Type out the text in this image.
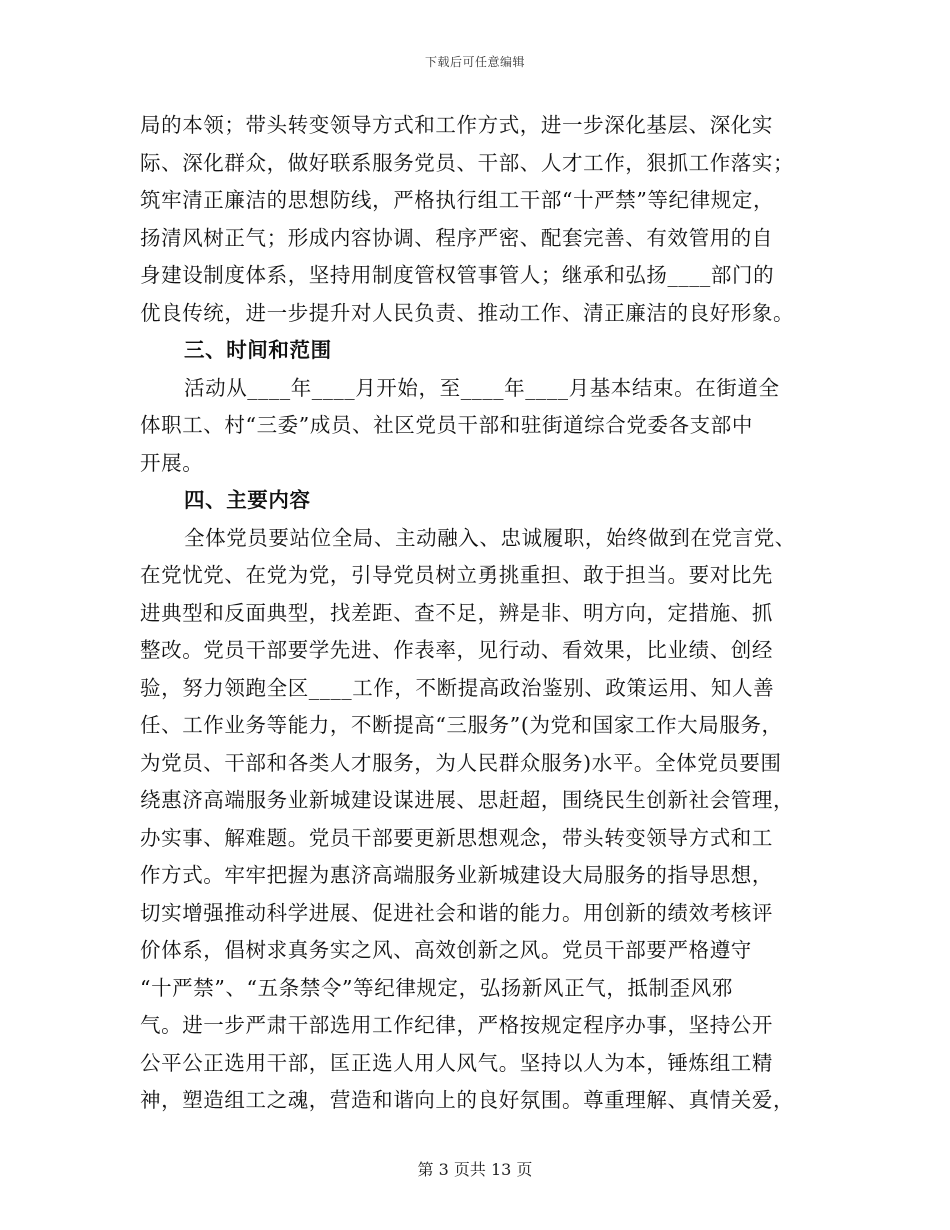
下载后可任意编辑
局的本领；带头转变领导方式和工作方式，进一步深化基层、深化实
际、深化群众，做好联系服务党员、干部、人才工作，狠抓工作落实；
筑牢清正廉洁的思想防线，严格执行组工干部“十严禁”等纪律规定，
扬清风树正气；形成内容协调、程序严密、配套完善、有效管用的自
身建设制度体系，坚持用制度管权管事管人；继承和弘扬____部门的
优良传统，进一步提升对人民负责、推动工作、清正廉洁的良好形象。
三、时间和范围
活动从____年____月开始，至____年____月基本结束。在街道全
体职工、村“三委”成员、社区党员干部和驻街道综合党委各支部中
开展。
四、主要内容
全体党员要站位全局、主动融入、忠诚履职，始终做到在党言党、
在党忧党、在党为党，引导党员树立勇挑重担、敢于担当。要对比先
进典型和反面典型，找差距、查不足，辨是非、明方向，定措施、抓
整改。党员干部要学先进、作表率，见行动、看效果，比业绩、创经
验，努力领跑全区____工作，不断提高政治鉴别、政策运用、知人善
任、工作业务等能力，不断提高“三服务”(为党和国家工作大局服务，
为党员、干部和各类人才服务，为人民群众服务)水平。全体党员要围
绕惠济高端服务业新城建设谋进展、思赶超，围绕民生创新社会管理，
办实事、解难题。党员干部要更新思想观念，带头转变领导方式和工
作方式。牢牢把握为惠济高端服务业新城建设大局服务的指导思想，
切实增强推动科学进展、促进社会和谐的能力。用创新的绩效考核评
价体系，倡树求真务实之风、高效创新之风。党员干部要严格遵守
“十严禁”、“五条禁令”等纪律规定，弘扬新风正气，抵制歪风邪
气。进一步严肃干部选用工作纪律，严格按规定程序办事，坚持公开
公平公正选用干部，匡正选人用人风气。坚持以人为本，锤炼组工精
神，塑造组工之魂，营造和谐向上的良好氛围。尊重理解、真情关爱，
第 3 页共 13 页
